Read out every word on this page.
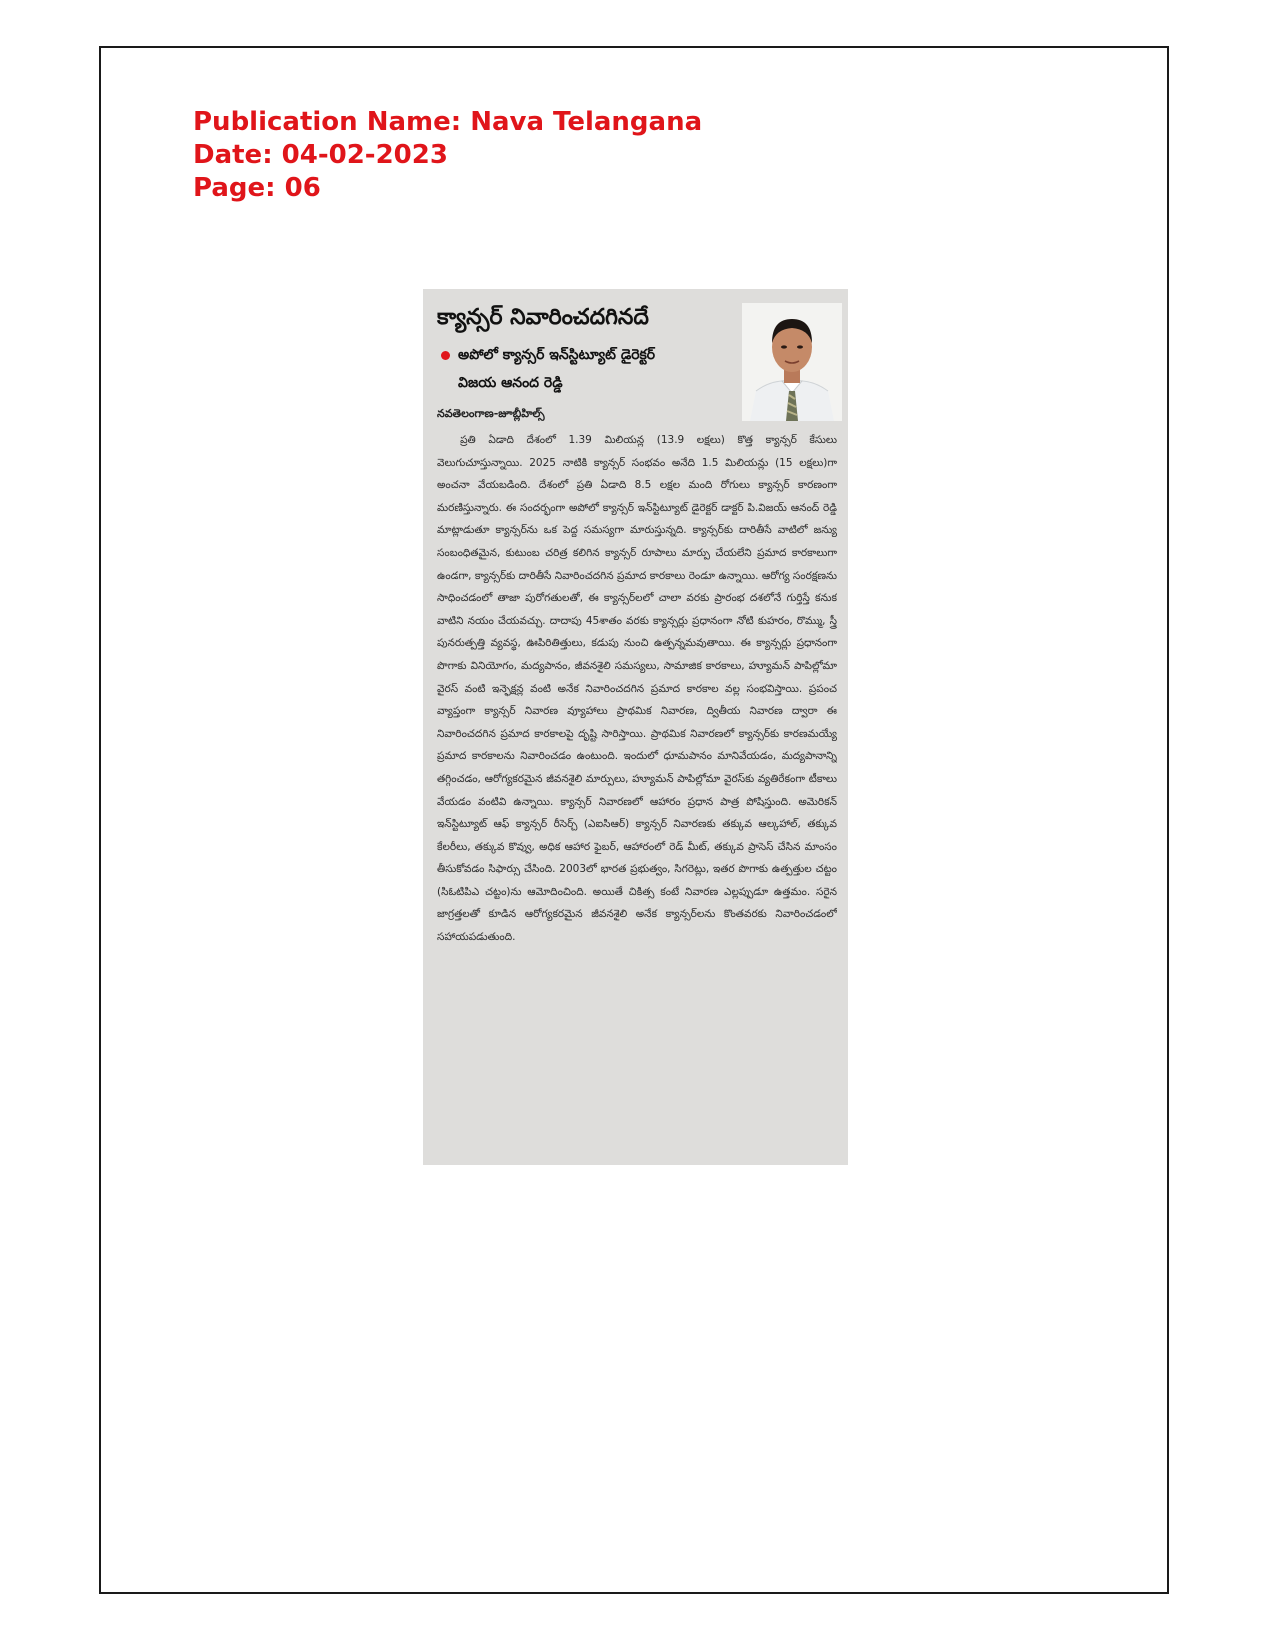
Publication Name: Nava Telangana
Date: 04-02-2023
Page: 06
క్యాన్సర్ నివారించదగినదే
అపోలో క్యాన్సర్ ఇన్‌స్టిట్యూట్ డైరెక్టర్
విజయ ఆనంద రెడ్డి
నవతెలంగాణ-జూబ్లీహిల్స్
ప్రతి ఏడాది దేశంలో 1.39 మిలియన్ల (13.9 లక్షలు) కొత్త క్యాన్సర్ కేసులు వెలుగుచూస్తున్నాయి. 2025 నాటికి క్యాన్సర్ సంభవం అనేది 1.5 మిలియన్లు (15 లక్షలు)గా అంచనా వేయబడింది. దేశంలో ప్రతి ఏడాది 8.5 లక్షల మంది రోగులు క్యాన్సర్ కారణంగా మరణిస్తున్నారు. ఈ సందర్భంగా అపోలో క్యాన్సర్ ఇన్‌స్టిట్యూట్ డైరెక్టర్ డాక్టర్ పి.విజయ్ ఆనంద్ రెడ్డి మాట్లాడుతూ క్యాన్సర్‌ను ఒక పెద్ద సమస్యగా మారుస్తున్నది. క్యాన్సర్‌కు దారితీసే వాటిలో జన్యు సంబంధితమైన, కుటుంబ చరిత్ర కలిగిన క్యాన్సర్ రూపాలు మార్పు చేయలేని ప్రమాద కారకాలుగా ఉండగా, క్యాన్సర్‌కు దారితీసే నివారించదగిన ప్రమాద కారకాలు రెండూ ఉన్నాయి. ఆరోగ్య సంరక్షణను సాధించడంలో తాజా పురోగతులతో, ఈ క్యాన్సర్‌లలో చాలా వరకు ప్రారంభ దశలోనే గుర్తిస్తే కనుక వాటిని నయం చేయవచ్చు. దాదాపు 45శాతం వరకు క్యాన్సర్లు ప్రధానంగా నోటి కుహరం, రొమ్ము, స్త్రీ పునరుత్పత్తి వ్యవస్థ, ఊపిరితిత్తులు, కడుపు నుంచి ఉత్పన్నమవుతాయి. ఈ క్యాన్సర్లు ప్రధానంగా పొగాకు వినియోగం, మద్యపానం, జీవనశైలి సమస్యలు, సామాజిక కారకాలు, హ్యూమన్ పాపిల్లోమా వైరస్ వంటి ఇన్ఫెక్షన్ల వంటి అనేక నివారించదగిన ప్రమాద కారకాల వల్ల సంభవిస్తాయి. ప్రపంచ వ్యాప్తంగా క్యాన్సర్ నివారణ వ్యూహాలు ప్రాథమిక నివారణ, ద్వితీయ నివారణ ద్వారా ఈ నివారించదగిన ప్రమాద కారకాలపై దృష్టి సారిస్తాయి. ప్రాథమిక నివారణలో క్యాన్సర్‌కు కారణమయ్యే ప్రమాద కారకాలను నివారించడం ఉంటుంది. ఇందులో ధూమపానం మానివేయడం, మద్యపానాన్ని తగ్గించడం, ఆరోగ్యకరమైన జీవనశైలి మార్పులు, హ్యూమన్ పాపిల్లోమా వైరస్‌కు వ్యతిరేకంగా టీకాలు వేయడం వంటివి ఉన్నాయి. క్యాన్సర్ నివారణలో ఆహారం ప్రధాన పాత్ర పోషిస్తుంది. అమెరికన్ ఇన్‌స్టిట్యూట్ ఆఫ్ క్యాన్సర్ రీసెర్చ్ (ఎఐసిఆర్) క్యాన్సర్ నివారణకు తక్కువ ఆల్కహాల్, తక్కువ కేలరీలు, తక్కువ కొవ్వు, అధిక ఆహార ఫైబర్, ఆహారంలో రెడ్ మీట్, తక్కువ ప్రాసెస్ చేసిన మాంసం తీసుకోవడం సిఫార్సు చేసింది. 2003లో భారత ప్రభుత్వం, సిగరెట్లు, ఇతర పొగాకు ఉత్పత్తుల చట్టం (సిఓటిపిఎ చట్టం)ను ఆమోదించింది. అయితే చికిత్స కంటే నివారణ ఎల్లప్పుడూ ఉత్తమం. సరైన జాగ్రత్తలతో కూడిన ఆరోగ్యకరమైన జీవనశైలి అనేక క్యాన్సర్‌లను కొంతవరకు నివారించడంలో సహాయపడుతుంది.
